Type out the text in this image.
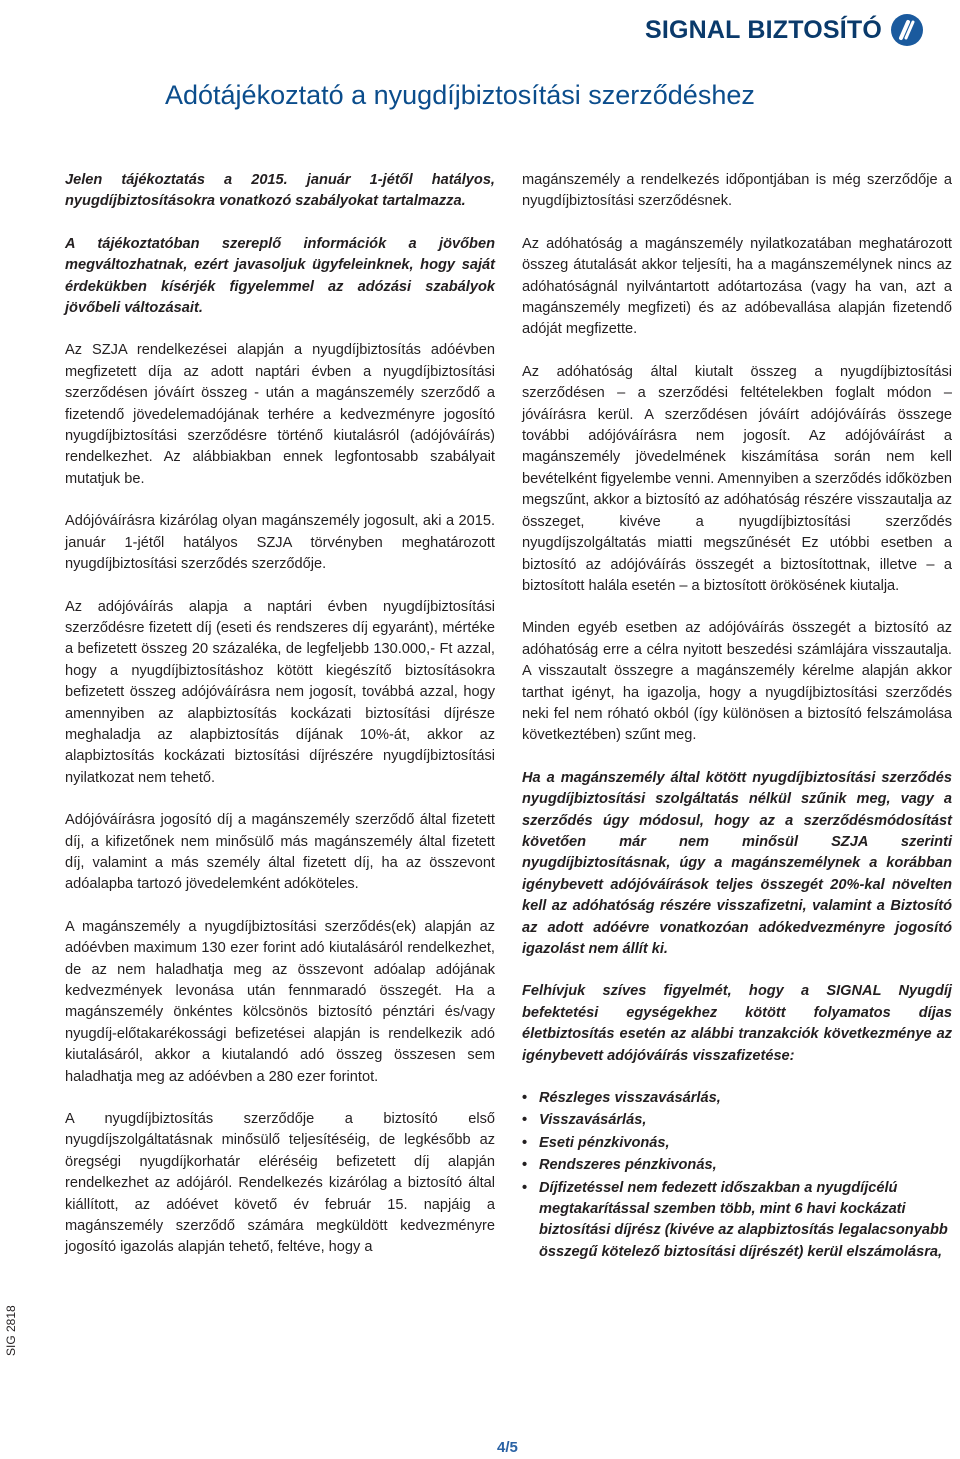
SIGNAL BIZTOSÍTÓ
Adótájékoztató a nyugdíjbiztosítási szerződéshez

Jelen tájékoztatás a 2015. január 1-jétől hatályos, nyugdíjbiztosításokra vonatkozó szabályokat tartalmazza.

A tájékoztatóban szereplő információk a jövőben megváltozhatnak, ezért javasoljuk ügyfeleinknek, hogy saját érdekükben kísérjék figyelemmel az adózási szabályok jövőbeli változásait.

Az SZJA rendelkezései alapján a nyugdíjbiztosítás adóévben megfizetett díja az adott naptári évben a nyugdíjbiztosítási szerződésen jóváírt összeg - után a magánszemély szerződő a fizetendő jövedelemadójának terhére a kedvezményre jogosító nyugdíjbiztosítási szerződésre történő kiutalásról (adójóváírás) rendelkezhet. Az alábbiakban ennek legfontosabb szabályait mutatjuk be.

Adójóváírásra kizárólag olyan magánszemély jogosult, aki a 2015. január 1-jétől hatályos SZJA törvényben meghatározott nyugdíjbiztosítási szerződés szerződője.

Az adójóváírás alapja a naptári évben nyugdíjbiztosítási szerződésre fizetett díj (eseti és rendszeres díj egyaránt), mértéke a befizetett összeg 20 százaléka, de legfeljebb 130.000,- Ft azzal, hogy a nyugdíjbiztosításhoz kötött kiegészítő biztosításokra befizetett összeg adójóváírásra nem jogosít, továbbá azzal, hogy amennyiben az alapbiztosítás kockázati biztosítási díjrésze meghaladja az alapbiztosítás díjának 10%-át, akkor az alapbiztosítás kockázati biztosítási díjrészére nyugdíjbiztosítási nyilatkozat nem tehető.

Adójóváírásra jogosító díj a magánszemély szerződő által fizetett díj, a kifizetőnek nem minősülő más magánszemély által fizetett díj, valamint a más személy által fizetett díj, ha az összevont adóalapba tartozó jövedelemként adóköteles.

A magánszemély a nyugdíjbiztosítási szerződés(ek) alapján az adóévben maximum 130 ezer forint adó kiutalásáról rendelkezhet, de az nem haladhatja meg az összevont adóalap adójának kedvezmények levonása után fennmaradó összegét. Ha a magánszemély önkéntes kölcsönös biztosító pénztári és/vagy nyugdíj-előtakarékossági befizetései alapján is rendelkezik adó kiutalásáról, akkor a kiutalandó adó összeg összesen sem haladhatja meg az adóévben a 280 ezer forintot.

A nyugdíjbiztosítás szerződője a biztosító első nyugdíjszolgáltatásnak minősülő teljesítéséig, de legkésőbb az öregségi nyugdíjkorhatár eléréséig befizetett díj alapján rendelkezhet az adójáról. Rendelkezés kizárólag a biztosító által kiállított, az adóévet követő év február 15. napjáig a magánszemély szerződő számára megküldött kedvezményre jogosító igazolás alapján tehető, feltéve, hogy a

magánszemély a rendelkezés időpontjában is még szerződője a nyugdíjbiztosítási szerződésnek.

Az adóhatóság a magánszemély nyilatkozatában meghatározott összeg átutalását akkor teljesíti, ha a magánszemélynek nincs az adóhatóságnál nyilvántartott adótartozása (vagy ha van, azt a magánszemély megfizeti) és az adóbevallása alapján fizetendő adóját megfizette.

Az adóhatóság által kiutalt összeg a nyugdíjbiztosítási szerződésen – a szerződési feltételekben foglalt módon – jóváírásra kerül. A szerződésen jóváírt adójóváírás összege további adójóváírásra nem jogosít. Az adójóváírást a magánszemély jövedelmének kiszámítása során nem kell bevételként figyelembe venni. Amennyiben a szerződés időközben megszűnt, akkor a biztosító az adóhatóság részére visszautalja az összeget, kivéve a nyugdíjbiztosítási szerződés nyugdíjszolgáltatás miatti megszűnését Ez utóbbi esetben a biztosító az adójóváírás összegét a biztosítottnak, illetve – a biztosított halála esetén – a biztosított örökösének kiutalja.

Minden egyéb esetben az adójóváírás összegét a biztosító az adóhatóság erre a célra nyitott beszedési számlájára visszautalja. A visszautalt összegre a magánszemély kérelme alapján akkor tarthat igényt, ha igazolja, hogy a nyugdíjbiztosítási szerződés neki fel nem róható okból (így különösen a biztosító felszámolása következtében) szűnt meg.

Ha a magánszemély által kötött nyugdíjbiztosítási szerződés nyugdíjbiztosítási szolgáltatás nélkül szűnik meg, vagy a szerződés úgy módosul, hogy az a szerződésmódosítást követően már nem minősül SZJA szerinti nyugdíjbiztosításnak, úgy a magánszemélynek a korábban igénybevett adójóváírások teljes összegét 20%-kal növelten kell az adóhatóság részére visszafizetni, valamint a Biztosító az adott adóévre vonatkozóan adókedvezményre jogosító igazolást nem állít ki.

Felhívjuk szíves figyelmét, hogy a SIGNAL Nyugdíj befektetési egységekhez kötött folyamatos díjas életbiztosítás esetén az alábbi tranzakciók következménye az igénybevett adójóváírás visszafizetése:

• Részleges visszavásárlás,
• Visszavásárlás,
• Eseti pénzkivonás,
• Rendszeres pénzkivonás,
• Díjfizetéssel nem fedezett időszakban a nyugdíjcélú megtakarítással szemben több, mint 6 havi kockázati biztosítási díjrész (kivéve az alapbiztosítás legalacsonyabb összegű kötelező biztosítási díjrészét) kerül elszámolásra,
SIG 2818
4/5
